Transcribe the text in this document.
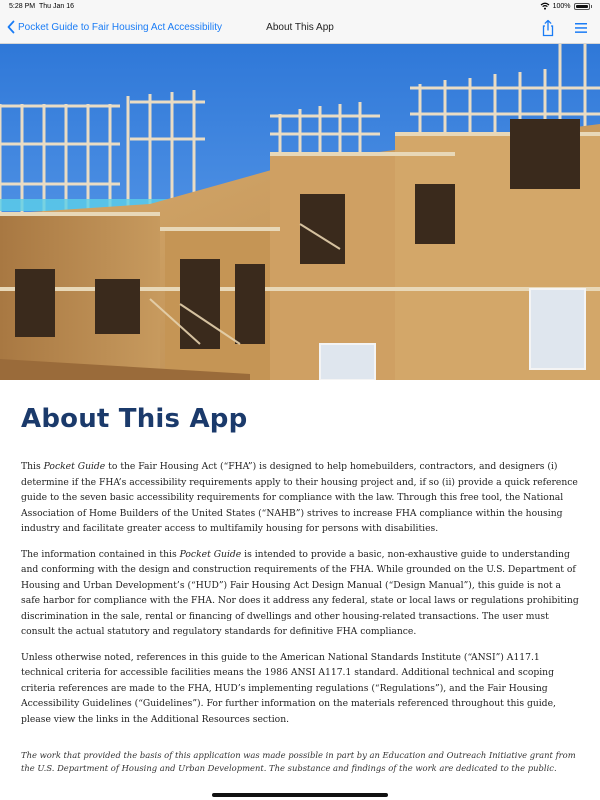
5:28 PM Thu Jan 16	100%
Pocket Guide to Fair Housing Act Accessibility	About This App
About This App

This Pocket Guide to the Fair Housing Act (“FHA”) is designed to help homebuilders, contractors, and designers (i) determine if the FHA’s accessibility requirements apply to their housing project and, if so (ii) provide a quick reference guide to the seven basic accessibility requirements for compliance with the law. Through this free tool, the National Association of Home Builders of the United States (“NAHB”) strives to increase FHA compliance within the housing industry and facilitate greater access to multifamily housing for persons with disabilities.

The information contained in this Pocket Guide is intended to provide a basic, non-exhaustive guide to understanding and conforming with the design and construction requirements of the FHA. While grounded on the U.S. Department of Housing and Urban Development’s (“HUD”) Fair Housing Act Design Manual (“Design Manual”), this guide is not a safe harbor for compliance with the FHA. Nor does it address any federal, state or local laws or regulations prohibiting discrimination in the sale, rental or financing of dwellings and other housing-related transactions. The user must consult the actual statutory and regulatory standards for definitive FHA compliance.

Unless otherwise noted, references in this guide to the American National Standards Institute (“ANSI”) A117.1 technical criteria for accessible facilities means the 1986 ANSI A117.1 standard. Additional technical and scoping criteria references are made to the FHA, HUD’s implementing regulations (“Regulations”), and the Fair Housing Accessibility Guidelines (“Guidelines”). For further information on the materials referenced throughout this guide, please view the links in the Additional Resources section.

The work that provided the basis of this application was made possible in part by an Education and Outreach Initiative grant from the U.S. Department of Housing and Urban Development. The substance and findings of the work are dedicated to the public.
